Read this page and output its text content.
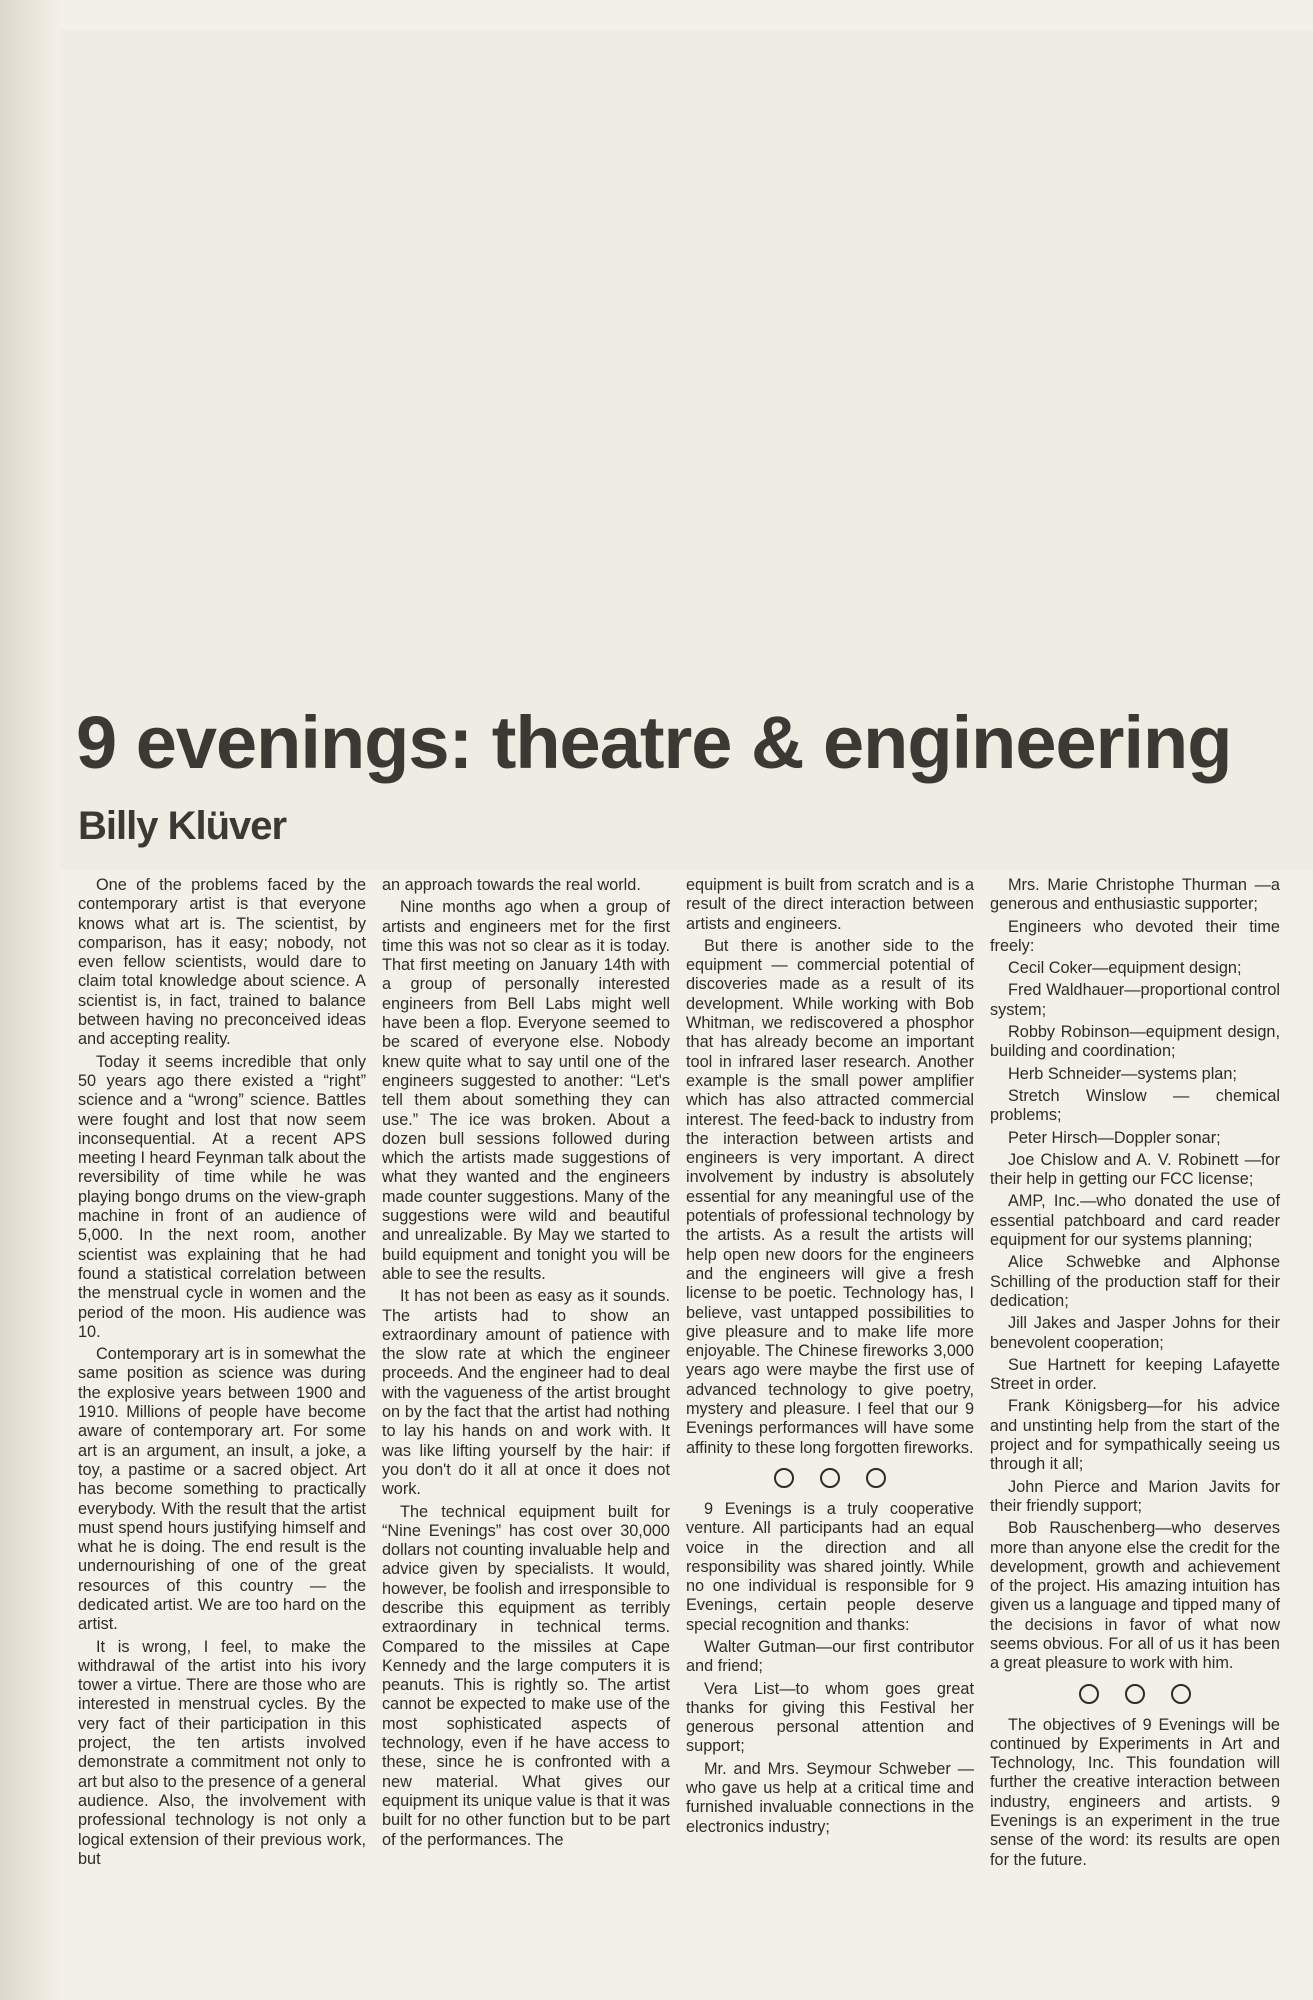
9 evenings: theatre & engineering
Billy Klüver

One of the problems faced by the contemporary artist is that everyone knows what art is. The scientist, by comparison, has it easy; nobody, not even fellow scientists, would dare to claim total knowledge about science. A scientist is, in fact, trained to balance between having no preconceived ideas and accepting reality.

Today it seems incredible that only 50 years ago there existed a “right” science and a “wrong” science. Battles were fought and lost that now seem inconsequential. At a recent APS meeting I heard Feynman talk about the reversibility of time while he was playing bongo drums on the view-graph machine in front of an audience of 5,000. In the next room, another scientist was explaining that he had found a statistical correlation between the menstrual cycle in women and the period of the moon. His audience was 10.

Contemporary art is in somewhat the same position as science was during the explosive years between 1900 and 1910. Millions of people have become aware of contemporary art. For some art is an argument, an insult, a joke, a toy, a pastime or a sacred object. Art has become something to practically everybody. With the result that the artist must spend hours justifying himself and what he is doing. The end result is the undernourishing of one of the great resources of this country — the dedicated artist. We are too hard on the artist.

It is wrong, I feel, to make the withdrawal of the artist into his ivory tower a virtue. There are those who are interested in menstrual cycles. By the very fact of their participation in this project, the ten artists involved demonstrate a commitment not only to art but also to the presence of a general audience. Also, the involvement with professional technology is not only a logical extension of their previous work, but

an approach towards the real world.

Nine months ago when a group of artists and engineers met for the first time this was not so clear as it is today. That first meeting on January 14th with a group of personally interested engineers from Bell Labs might well have been a flop. Everyone seemed to be scared of everyone else. Nobody knew quite what to say until one of the engineers suggested to another: “Let's tell them about something they can use.” The ice was broken. About a dozen bull sessions followed during which the artists made suggestions of what they wanted and the engineers made counter suggestions. Many of the suggestions were wild and beautiful and unrealizable. By May we started to build equipment and tonight you will be able to see the results.

It has not been as easy as it sounds. The artists had to show an extraordinary amount of patience with the slow rate at which the engineer proceeds. And the engineer had to deal with the vagueness of the artist brought on by the fact that the artist had nothing to lay his hands on and work with. It was like lifting yourself by the hair: if you don't do it all at once it does not work.

The technical equipment built for “Nine Evenings” has cost over 30,000 dollars not counting invaluable help and advice given by specialists. It would, however, be foolish and irresponsible to describe this equipment as terribly extraordinary in technical terms. Compared to the missiles at Cape Kennedy and the large computers it is peanuts. This is rightly so. The artist cannot be expected to make use of the most sophisticated aspects of technology, even if he have access to these, since he is confronted with a new material. What gives our equipment its unique value is that it was built for no other function but to be part of the performances. The

equipment is built from scratch and is a result of the direct interaction between artists and engineers.

But there is another side to the equipment — commercial potential of discoveries made as a result of its development. While working with Bob Whitman, we rediscovered a phosphor that has already become an important tool in infrared laser research. Another example is the small power amplifier which has also attracted commercial interest. The feed-back to industry from the interaction between artists and engineers is very important. A direct involvement by industry is absolutely essential for any meaningful use of the potentials of professional technology by the artists. As a result the artists will help open new doors for the engineers and the engineers will give a fresh license to be poetic. Technology has, I believe, vast untapped possibilities to give pleasure and to make life more enjoyable. The Chinese fireworks 3,000 years ago were maybe the first use of advanced technology to give poetry, mystery and pleasure. I feel that our 9 Evenings performances will have some affinity to these long forgotten fireworks.

9 Evenings is a truly cooperative venture. All participants had an equal voice in the direction and all responsibility was shared jointly. While no one individual is responsible for 9 Evenings, certain people deserve special recognition and thanks:

Walter Gutman—our first contributor and friend;

Vera List—to whom goes great thanks for giving this Festival her generous personal attention and support;

Mr. and Mrs. Seymour Schweber — who gave us help at a critical time and furnished invaluable connections in the electronics industry;

Mrs. Marie Christophe Thurman —a generous and enthusiastic supporter;

Engineers who devoted their time freely:

Cecil Coker—equipment design;

Fred Waldhauer—proportional control system;

Robby Robinson—equipment design, building and coordination;

Herb Schneider—systems plan;

Stretch Winslow — chemical problems;

Peter Hirsch—Doppler sonar;

Joe Chislow and A. V. Robinett —for their help in getting our FCC license;

AMP, Inc.—who donated the use of essential patchboard and card reader equipment for our systems planning;

Alice Schwebke and Alphonse Schilling of the production staff for their dedication;

Jill Jakes and Jasper Johns for their benevolent cooperation;

Sue Hartnett for keeping Lafayette Street in order.

Frank Königsberg—for his advice and unstinting help from the start of the project and for sympathically seeing us through it all;

John Pierce and Marion Javits for their friendly support;

Bob Rauschenberg—who deserves more than anyone else the credit for the development, growth and achievement of the project. His amazing intuition has given us a language and tipped many of the decisions in favor of what now seems obvious. For all of us it has been a great pleasure to work with him.

The objectives of 9 Evenings will be continued by Experiments in Art and Technology, Inc. This foundation will further the creative interaction between industry, engineers and artists. 9 Evenings is an experiment in the true sense of the word: its results are open for the future.
